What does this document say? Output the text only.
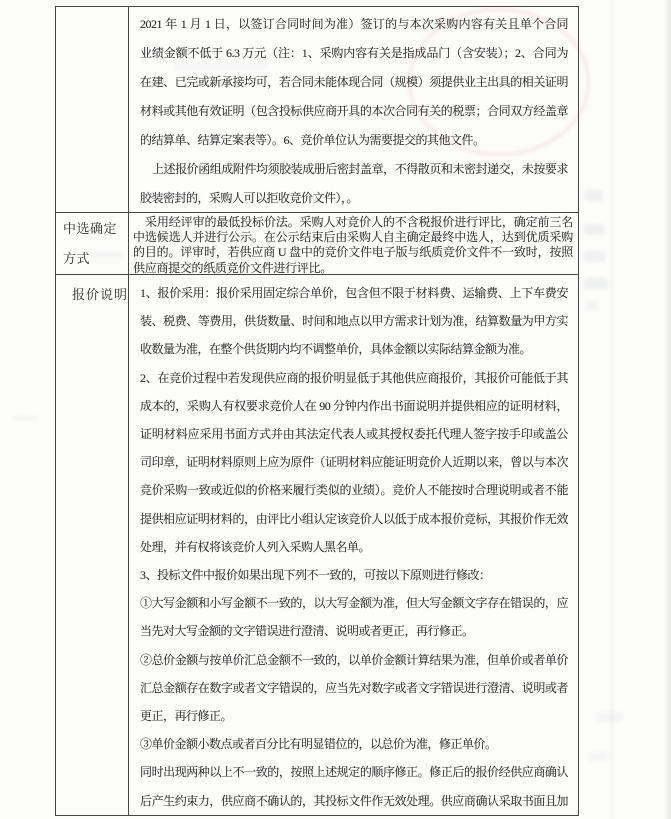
2021 年 1 月 1 日，以签订合同时间为准）签订的与本次采购内容有关且单个合同
业绩金额不低于 6.3 万元（注：1、采购内容有关是指成品门（含安装）；2、合同为
在建、已完或新承接均可，若合同未能体现合同（规模）须提供业主出具的相关证明
材料或其他有效证明（包含投标供应商开具的本次合同有关的税票；合同双方经盖章
的结算单、结算定案表等）。6、竞价单位认为需要提交的其他文件。
上述报价函组成附件均须胶装成册后密封盖章，不得散页和未密封递交，未按要求
胶装密封的，采购人可以拒收竞价文件），。
中选确定方式
采用经评审的最低投标价法。采购人对竞价人的不含税报价进行评比，确定前三名
中选候选人并进行公示。在公示结束后由采购人自主确定最终中选人，达到优质采购
的目的。评审时，若供应商 U 盘中的竞价文件电子版与纸质竞价文件不一致时，按照
供应商提交的纸质竞价文件进行评比。
报价说明 1、报价采用：报价采用固定综合单价，包含但不限于材料费、运输费、上下车费安
装、税费、等费用，供货数量、时间和地点以甲方需求计划为准，结算数量为甲方实
收数量为准，在整个供货期内均不调整单价，具体金额以实际结算金额为准。
2、在竞价过程中若发现供应商的报价明显低于其他供应商报价，其报价可能低于其
成本的，采购人有权要求竞价人在 90 分钟内作出书面说明并提供相应的证明材料，
证明材料应采用书面方式并由其法定代表人或其授权委托代理人签字按手印或盖公
司印章，证明材料原则上应为原件（证明材料应能证明竞价人近期以来，曾以与本次
竞价采购一致或近似的价格来履行类似的业绩）。竞价人不能按时合理说明或者不能
提供相应证明材料的，由评比小组认定该竞价人以低于成本报价竞标，其报价作无效
处理，并有权将该竞价人列入采购人黑名单。
3、投标文件中报价如果出现下列不一致的，可按以下原则进行修改：
①大写金额和小写金额不一致的，以大写金额为准，但大写金额文字存在错误的，应
当先对大写金额的文字错误进行澄清、说明或者更正，再行修正。
②总价金额与按单价汇总金额不一致的，以单价金额计算结果为准，但单价或者单价
汇总金额存在数字或者文字错误的，应当先对数字或者文字错误进行澄清、说明或者
更正，再行修正。
③单价金额小数点或者百分比有明显错位的，以总价为准，修正单价。
同时出现两种以上不一致的，按照上述规定的顺序修正。修正后的报价经供应商确认
后产生约束力，供应商不确认的，其投标文件作无效处理。供应商确认采取书面且加
